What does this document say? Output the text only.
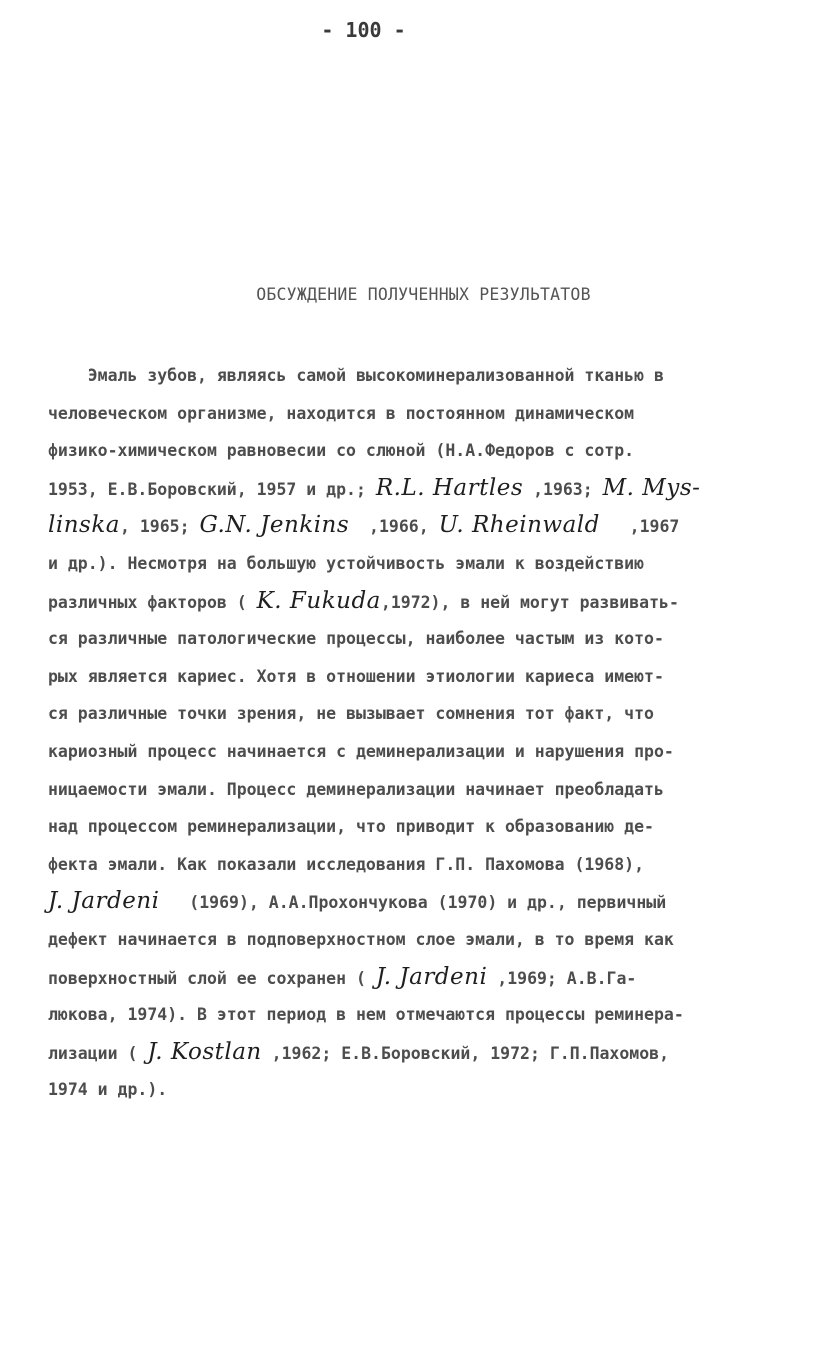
- 100 -
ОБСУЖДЕНИЕ ПОЛУЧЕННЫХ РЕЗУЛЬТАТОВ
Эмаль зубов, являясь самой высокоминерализованной тканью в
человеческом организме, находится в постоянном динамическом
физико-химическом равновесии со слюной (Н.А.Федоров с сотр.
1953, Е.В.Боровский, 1957 и др.; R.L. Hartles ,1963; M. Mys-
linska, 1965; G.N. Jenkins  ,1966, U. Rheinwald   ,1967
и др.). Несмотря на большую устойчивость эмали к воздействию
различных факторов ( K. Fukuda,1972), в ней могут развивать-
ся различные патологические процессы, наиболее частым из кото-
рых является кариес. Хотя в отношении этиологии кариеса имеют-
ся различные точки зрения, не вызывает сомнения тот факт, что
кариозный процесс начинается с деминерализации и нарушения про-
ницаемости эмали. Процесс деминерализации начинает преобладать
над процессом реминерализации, что приводит к образованию де-
фекта эмали. Как показали исследования Г.П. Пахомова (1968),
J. Jardeni   (1969), А.А.Прохончукова (1970) и др., первичный
дефект начинается в подповерхностном слое эмали, в то время как
поверхностный слой ее сохранен ( J. Jardeni ,1969; А.В.Га-
люкова, 1974). В этот период в нем отмечаются процессы реминера-
лизации ( J. Kostlan ,1962; Е.В.Боровский, 1972; Г.П.Пахомов,
1974 и др.).
